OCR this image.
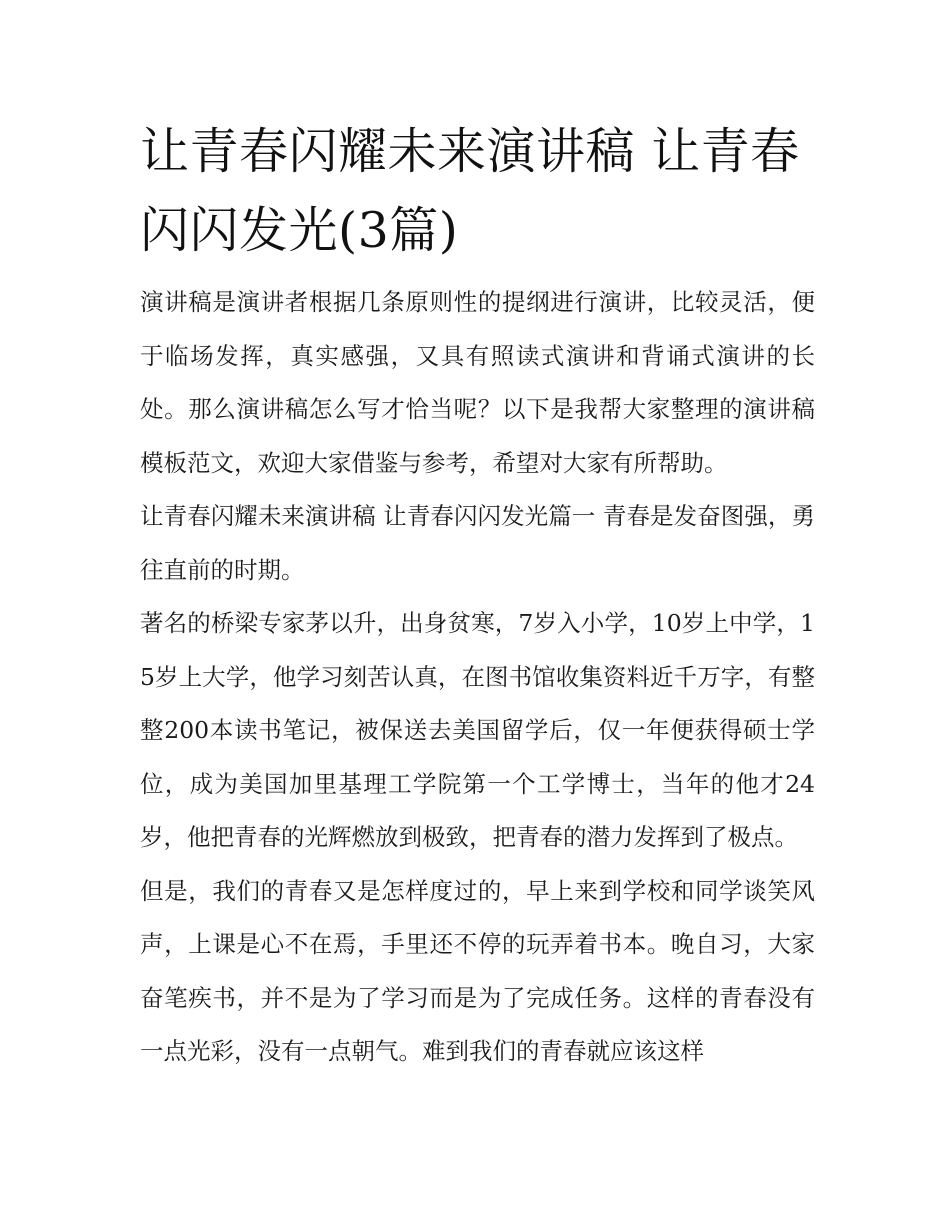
让青春闪耀未来演讲稿 让青春闪闪发光(3篇)

演讲稿是演讲者根据几条原则性的提纲进行演讲，比较灵活，便于临场发挥，真实感强，又具有照读式演讲和背诵式演讲的长处。那么演讲稿怎么写才恰当呢？以下是我帮大家整理的演讲稿模板范文，欢迎大家借鉴与参考，希望对大家有所帮助。

让青春闪耀未来演讲稿 让青春闪闪发光篇一 青春是发奋图强，勇往直前的时期。

著名的桥梁专家茅以升，出身贫寒，7岁入小学，10岁上中学，15岁上大学，他学习刻苦认真，在图书馆收集资料近千万字，有整整200本读书笔记，被保送去美国留学后，仅一年便获得硕士学位，成为美国加里基理工学院第一个工学博士，当年的他才24岁，他把青春的光辉燃放到极致，把青春的潜力发挥到了极点。

但是，我们的青春又是怎样度过的，早上来到学校和同学谈笑风声，上课是心不在焉，手里还不停的玩弄着书本。晚自习，大家奋笔疾书，并不是为了学习而是为了完成任务。这样的青春没有一点光彩，没有一点朝气。难到我们的青春就应该这样
